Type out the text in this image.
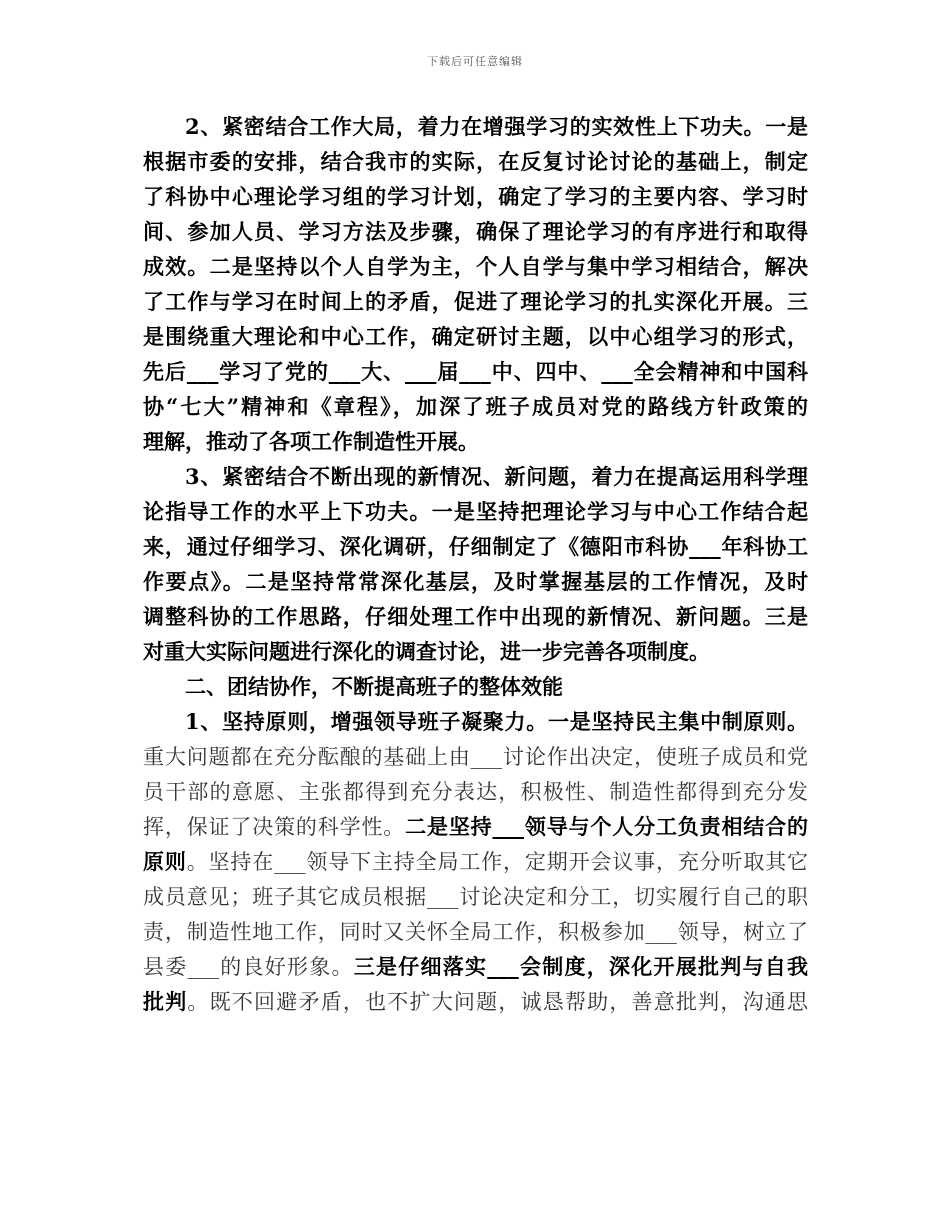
下载后可任意编辑
2、紧密结合工作大局，着力在增强学习的实效性上下功夫。一是
根据市委的安排，结合我市的实际，在反复讨论讨论的基础上，制定
了科协中心理论学习组的学习计划，确定了学习的主要内容、学习时
间、参加人员、学习方法及步骤，确保了理论学习的有序进行和取得
成效。二是坚持以个人自学为主，个人自学与集中学习相结合，解决
了工作与学习在时间上的矛盾，促进了理论学习的扎实深化开展。三
是围绕重大理论和中心工作，确定研讨主题，以中心组学习的形式，
先后___学习了党的___大、___届___中、四中、___全会精神和中国科
协“七大”精神和《章程》，加深了班子成员对党的路线方针政策的
理解，推动了各项工作制造性开展。
3、紧密结合不断出现的新情况、新问题，着力在提高运用科学理
论指导工作的水平上下功夫。一是坚持把理论学习与中心工作结合起
来，通过仔细学习、深化调研，仔细制定了《德阳市科协___年科协工
作要点》。二是坚持常常深化基层，及时掌握基层的工作情况，及时
调整科协的工作思路，仔细处理工作中出现的新情况、新问题。三是
对重大实际问题进行深化的调查讨论，进一步完善各项制度。
二、团结协作，不断提高班子的整体效能
1、坚持原则，增强领导班子凝聚力。一是坚持民主集中制原则。
重大问题都在充分酝酿的基础上由___讨论作出决定，使班子成员和党
员干部的意愿、主张都得到充分表达，积极性、制造性都得到充分发
挥，保证了决策的科学性。二是坚持___领导与个人分工负责相结合的
原则。坚持在___领导下主持全局工作，定期开会议事，充分听取其它
成员意见；班子其它成员根据___讨论决定和分工，切实履行自己的职
责，制造性地工作，同时又关怀全局工作，积极参加___领导，树立了
县委___的良好形象。三是仔细落实___会制度，深化开展批判与自我
批判。既不回避矛盾，也不扩大问题，诚恳帮助，善意批判，沟通思
